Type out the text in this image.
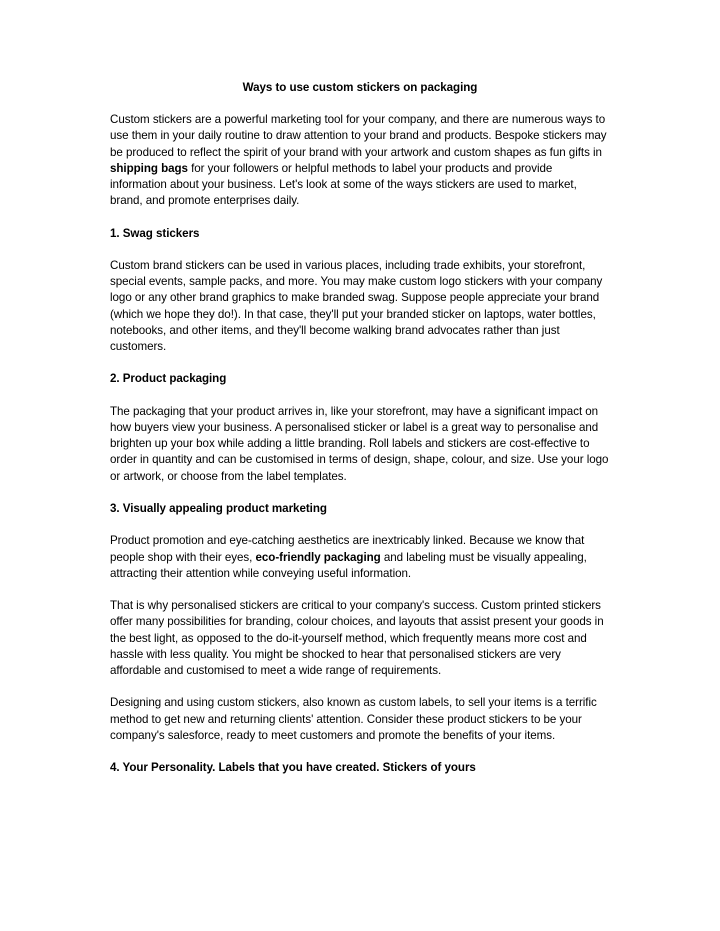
Ways to use custom stickers on packaging

Custom stickers are a powerful marketing tool for your company, and there are numerous ways to use them in your daily routine to draw attention to your brand and products. Bespoke stickers may be produced to reflect the spirit of your brand with your artwork and custom shapes as fun gifts in shipping bags for your followers or helpful methods to label your products and provide information about your business. Let's look at some of the ways stickers are used to market, brand, and promote enterprises daily.

1. Swag stickers

Custom brand stickers can be used in various places, including trade exhibits, your storefront, special events, sample packs, and more. You may make custom logo stickers with your company logo or any other brand graphics to make branded swag. Suppose people appreciate your brand (which we hope they do!). In that case, they'll put your branded sticker on laptops, water bottles, notebooks, and other items, and they'll become walking brand advocates rather than just customers.

2. Product packaging

The packaging that your product arrives in, like your storefront, may have a significant impact on how buyers view your business. A personalised sticker or label is a great way to personalise and brighten up your box while adding a little branding. Roll labels and stickers are cost-effective to order in quantity and can be customised in terms of design, shape, colour, and size. Use your logo or artwork, or choose from the label templates.

3. Visually appealing product marketing

Product promotion and eye-catching aesthetics are inextricably linked. Because we know that people shop with their eyes, eco-friendly packaging and labeling must be visually appealing, attracting their attention while conveying useful information.

That is why personalised stickers are critical to your company's success. Custom printed stickers offer many possibilities for branding, colour choices, and layouts that assist present your goods in the best light, as opposed to the do-it-yourself method, which frequently means more cost and hassle with less quality. You might be shocked to hear that personalised stickers are very affordable and customised to meet a wide range of requirements.

Designing and using custom stickers, also known as custom labels, to sell your items is a terrific method to get new and returning clients' attention. Consider these product stickers to be your company's salesforce, ready to meet customers and promote the benefits of your items.

4. Your Personality. Labels that you have created. Stickers of yours
